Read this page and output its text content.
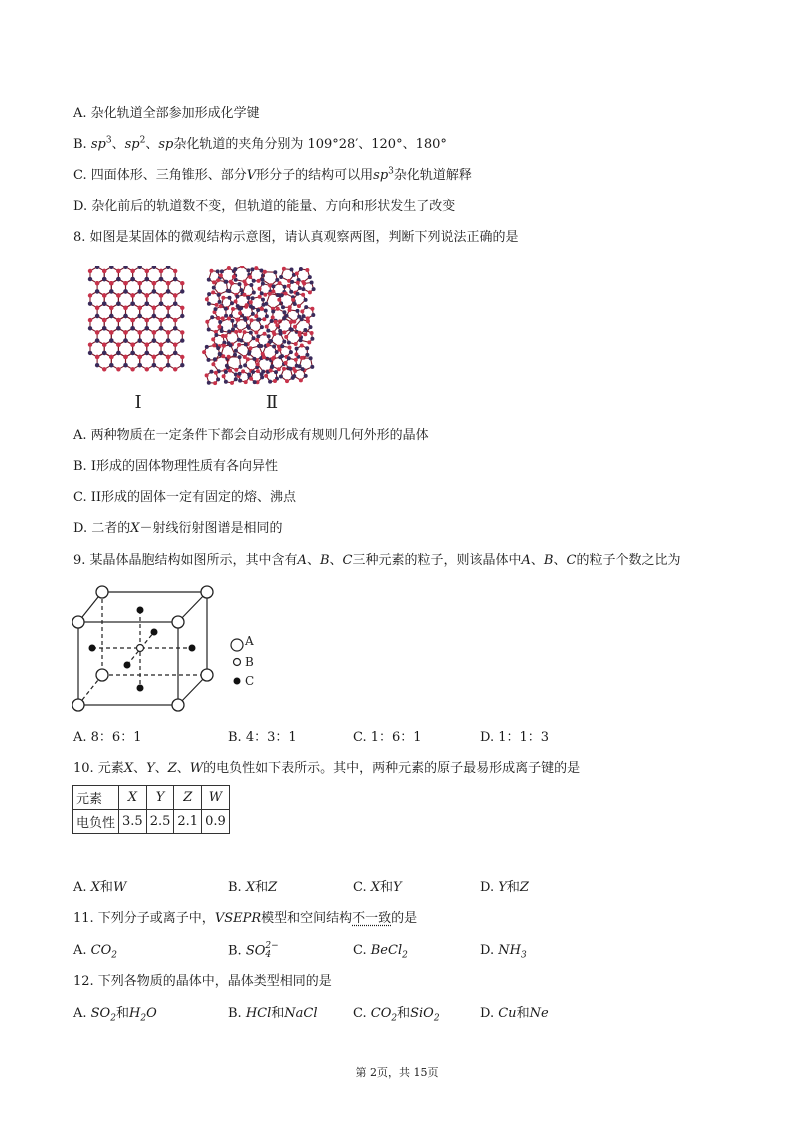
A. 杂化轨道全部参加形成化学键
B. $sp^3$、$sp^2$、sp杂化轨道的夹角分别为 109°28′、120°、180°
C. 四面体形、三角锥形、部分V形分子的结构可以用$sp^3$杂化轨道解释
D. 杂化前后的轨道数不变，但轨道的能量、方向和形状发生了改变
8. 如图是某固体的微观结构示意图，请认真观察两图，判断下列说法正确的是
Ⅰ	Ⅱ
A. 两种物质在一定条件下都会自动形成有规则几何外形的晶体
B. I形成的固体物理性质有各向异性
C. II形成的固体一定有固定的熔、沸点
D. 二者的X－射线衍射图谱是相同的
9. 某晶体晶胞结构如图所示，其中含有A、B、C三种元素的粒子，则该晶体中A、B、C的粒子个数之比为
A
B
C
A. 8：6：1	B. 4：3：1	C. 1：6：1	D. 1：1：3
10. 元素X、Y、Z、W的电负性如下表所示。其中，两种元素的原子最易形成离子键的是
元素	X	Y	Z	W
电负性	3.5	2.5	2.1	0.9
A. X和W	B. X和Z	C. X和Y	D. Y和Z
11. 下列分子或离子中，VSEPR模型和空间结构不一致的是
A. $CO_2$	B. SO 2−
4	C. BeCl$_2$	D. $NH_3$
12. 下列各物质的晶体中，晶体类型相同的是
A. $SO_2$和$H_2O$	B. HCl和NaCl	C. $CO_2$和SiO$_2$	D. Cu和Ne
第 2页，共 15页
